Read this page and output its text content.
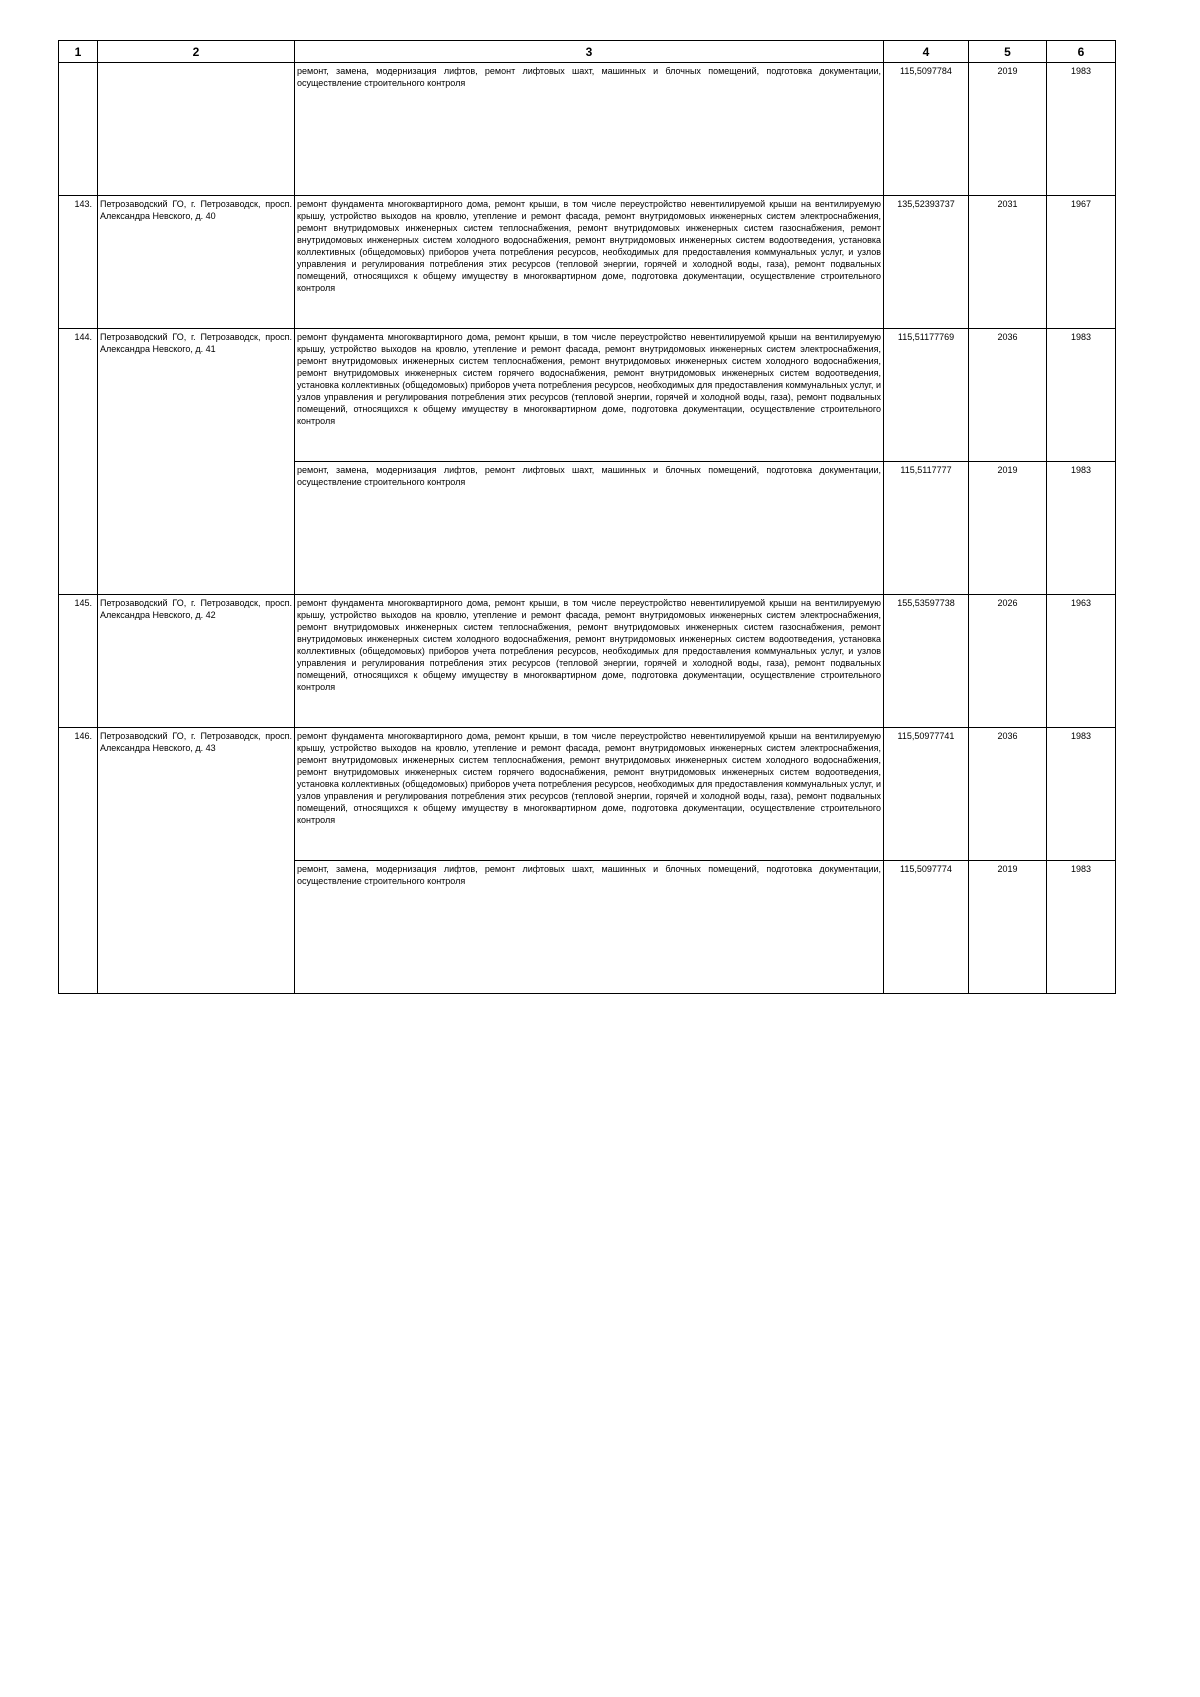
1	2	3	4	5	6
		ремонт, замена, модернизация лифтов, ремонт лифтовых шахт, машинных и блочных помещений, подготовка документации, осуществление строительного контроля	115,5097784	2019	1983
143.	Петрозаводский ГО, г. Петрозаводск, просп. Александра Невского, д. 40	ремонт фундамента многоквартирного дома, ремонт крыши, в том числе переустройство невентилируемой крыши на вентилируемую крышу, устройство выходов на кровлю, утепление и ремонт фасада, ремонт внутридомовых инженерных систем электроснабжения, ремонт внутридомовых инженерных систем теплоснабжения, ремонт внутридомовых инженерных систем газоснабжения, ремонт внутридомовых инженерных систем холодного водоснабжения, ремонт внутридомовых инженерных систем водоотведения, установка коллективных (общедомовых) приборов учета потребления ресурсов, необходимых для предоставления коммунальных услуг, и узлов управления и регулирования потребления этих ресурсов (тепловой энергии, горячей и холодной воды, газа), ремонт подвальных помещений, относящихся к общему имуществу в многоквартирном доме, подготовка документации, осуществление строительного контроля	135,52393737	2031	1967
144.	Петрозаводский ГО, г. Петрозаводск, просп. Александра Невского, д. 41	ремонт фундамента многоквартирного дома, ремонт крыши, в том числе переустройство невентилируемой крыши на вентилируемую крышу, устройство выходов на кровлю, утепление и ремонт фасада, ремонт внутридомовых инженерных систем электроснабжения, ремонт внутридомовых инженерных систем теплоснабжения, ремонт внутридомовых инженерных систем холодного водоснабжения, ремонт внутридомовых инженерных систем горячего водоснабжения, ремонт внутридомовых инженерных систем водоотведения, установка коллективных (общедомовых) приборов учета потребления ресурсов, необходимых для предоставления коммунальных услуг, и узлов управления и регулирования потребления этих ресурсов (тепловой энергии, горячей и холодной воды, газа), ремонт подвальных помещений, относящихся к общему имуществу в многоквартирном доме, подготовка документации, осуществление строительного контроля	115,51177769	2036	1983
		ремонт, замена, модернизация лифтов, ремонт лифтовых шахт, машинных и блочных помещений, подготовка документации, осуществление строительного контроля	115,5117777	2019	1983
145.	Петрозаводский ГО, г. Петрозаводск, просп. Александра Невского, д. 42	ремонт фундамента многоквартирного дома, ремонт крыши, в том числе переустройство невентилируемой крыши на вентилируемую крышу, устройство выходов на кровлю, утепление и ремонт фасада, ремонт внутридомовых инженерных систем электроснабжения, ремонт внутридомовых инженерных систем теплоснабжения, ремонт внутридомовых инженерных систем газоснабжения, ремонт внутридомовых инженерных систем холодного водоснабжения, ремонт внутридомовых инженерных систем водоотведения, установка коллективных (общедомовых) приборов учета потребления ресурсов, необходимых для предоставления коммунальных услуг, и узлов управления и регулирования потребления этих ресурсов (тепловой энергии, горячей и холодной воды, газа), ремонт подвальных помещений, относящихся к общему имуществу в многоквартирном доме, подготовка документации, осуществление строительного контроля	155,53597738	2026	1963
146.	Петрозаводский ГО, г. Петрозаводск, просп. Александра Невского, д. 43	ремонт фундамента многоквартирного дома, ремонт крыши, в том числе переустройство невентилируемой крыши на вентилируемую крышу, устройство выходов на кровлю, утепление и ремонт фасада, ремонт внутридомовых инженерных систем электроснабжения, ремонт внутридомовых инженерных систем теплоснабжения, ремонт внутридомовых инженерных систем холодного водоснабжения, ремонт внутридомовых инженерных систем горячего водоснабжения, ремонт внутридомовых инженерных систем водоотведения, установка коллективных (общедомовых) приборов учета потребления ресурсов, необходимых для предоставления коммунальных услуг, и узлов управления и регулирования потребления этих ресурсов (тепловой энергии, горячей и холодной воды, газа), ремонт подвальных помещений, относящихся к общему имуществу в многоквартирном доме, подготовка документации, осуществление строительного контроля	115,50977741	2036	1983
		ремонт, замена, модернизация лифтов, ремонт лифтовых шахт, машинных и блочных помещений, подготовка документации, осуществление строительного контроля	115,5097774	2019	1983
